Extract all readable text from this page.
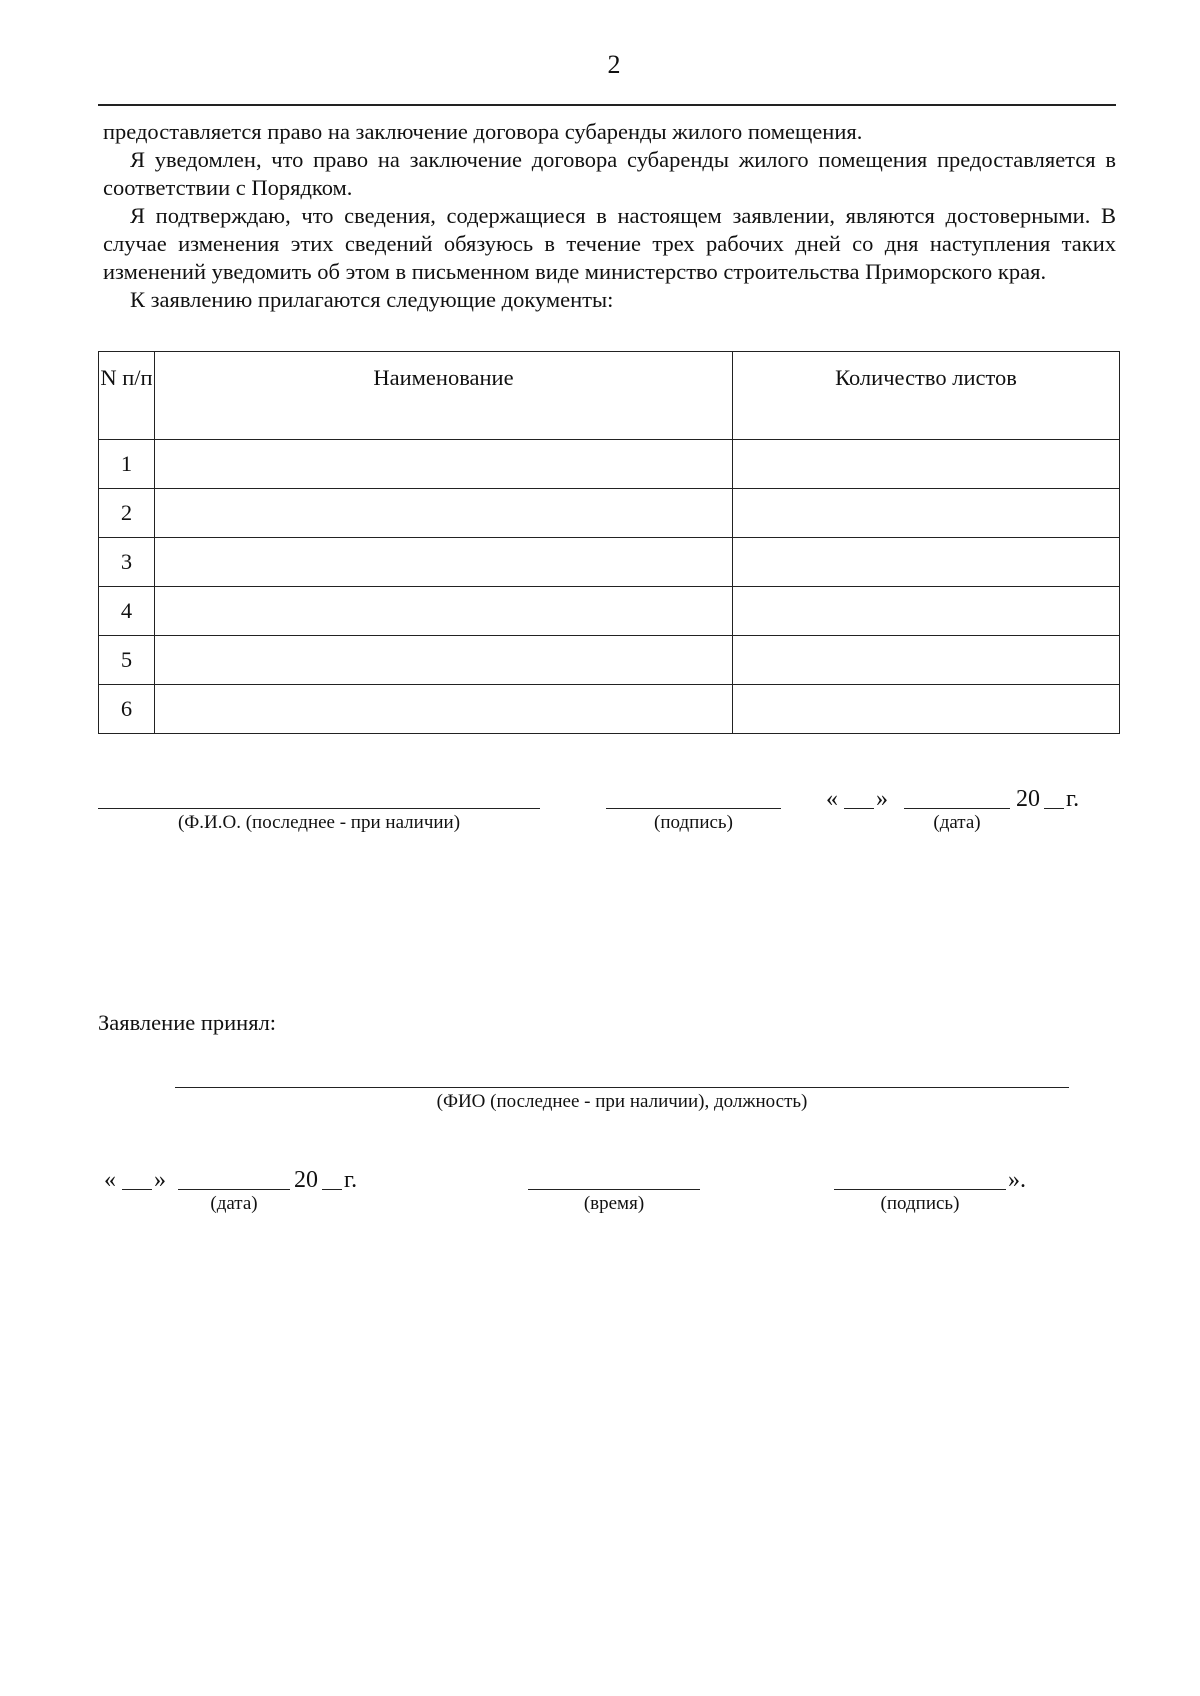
2

предоставляется право на заключение договора субаренды жилого помещения.

Я уведомлен, что право на заключение договора субаренды жилого помещения предоставляется в соответствии с Порядком.

Я подтверждаю, что сведения, содержащиеся в настоящем заявлении, являются достоверными. В случае изменения этих сведений обязуюсь в течение трех рабочих дней со дня наступления таких изменений уведомить об этом в письменном виде министерство строительства Приморского края.

К заявлению прилагаются следующие документы:

N п/п	Наименование	Количество листов
1		
2		
3		
4		
5		
6		
(Ф.И.О. (последнее - при наличии)	(подпись)
« »	20 г.
(дата)
Заявление принял:
(ФИО (последнее - при наличии), должность)
« »	20 г.
(дата)	(время)
».
(подпись)
